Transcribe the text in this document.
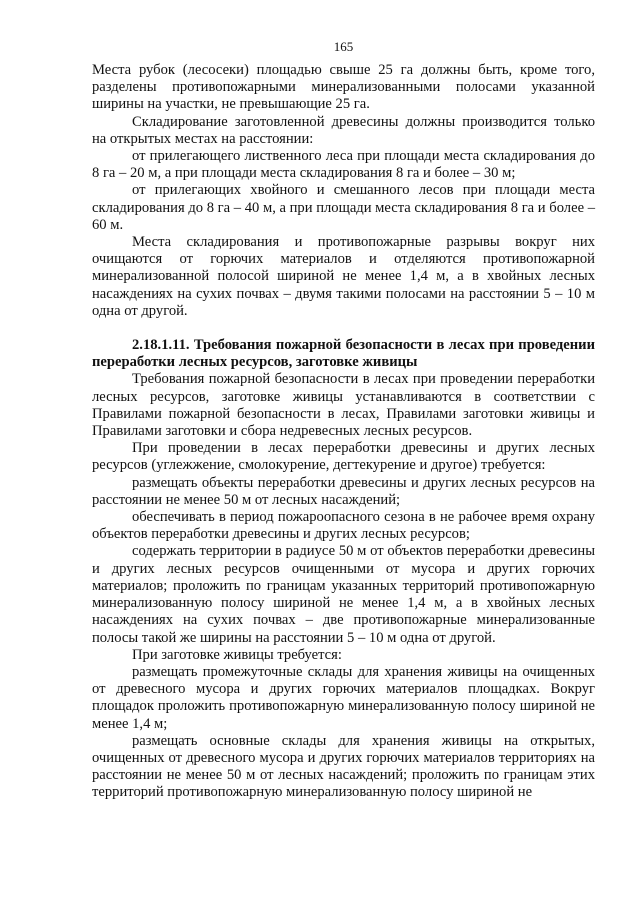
165

Места рубок (лесосеки) площадью свыше 25 га должны быть, кроме того, разделены противопожарными минерализованными полосами указанной ширины на участки, не превышающие 25 га.

Складирование заготовленной древесины должны производится только на открытых местах на расстоянии:

от прилегающего лиственного леса при площади места складирования до 8 га – 20 м, а при площади места складирования 8 га и более – 30 м;

от прилегающих хвойного и смешанного лесов при площади места складирования до 8 га – 40 м, а при площади места складирования 8 га и более – 60 м.

Места складирования и противопожарные разрывы вокруг них очищаются от горючих материалов и отделяются противопожарной минерализованной полосой шириной не менее 1,4 м, а в хвойных лесных насаждениях на сухих почвах – двумя такими полосами на расстоянии 5 – 10 м одна от другой.

2.18.1.11. Требования пожарной безопасности в лесах при проведении переработки лесных ресурсов, заготовке живицы

Требования пожарной безопасности в лесах при проведении переработки лесных ресурсов, заготовке живицы устанавливаются в соответствии с Правилами пожарной безопасности в лесах, Правилами заготовки живицы и Правилами заготовки и сбора недревесных лесных ресурсов.

При проведении в лесах переработки древесины и других лесных ресурсов (углежжение, смолокурение, дегтекурение и другое) требуется:

размещать объекты переработки древесины и других лесных ресурсов на расстоянии не менее 50 м от лесных насаждений;

обеспечивать в период пожароопасного сезона в не рабочее время охрану объектов переработки древесины и других лесных ресурсов;

содержать территории в радиусе 50 м от объектов переработки древесины и других лесных ресурсов очищенными от мусора и других горючих материалов; проложить по границам указанных территорий противопожарную минерализованную полосу шириной не менее 1,4 м, а в хвойных лесных насаждениях на сухих почвах – две противопожарные минерализованные полосы такой же ширины на расстоянии 5 – 10 м одна от другой.

При заготовке живицы требуется:

размещать промежуточные склады для хранения живицы на очищенных от древесного мусора и других горючих материалов площадках. Вокруг площадок проложить противопожарную минерализованную полосу шириной не менее 1,4 м;

размещать основные склады для хранения живицы на открытых, очищенных от древесного мусора и других горючих материалов территориях на расстоянии не менее 50 м от лесных насаждений; проложить по границам этих территорий противопожарную минерализованную полосу шириной не
